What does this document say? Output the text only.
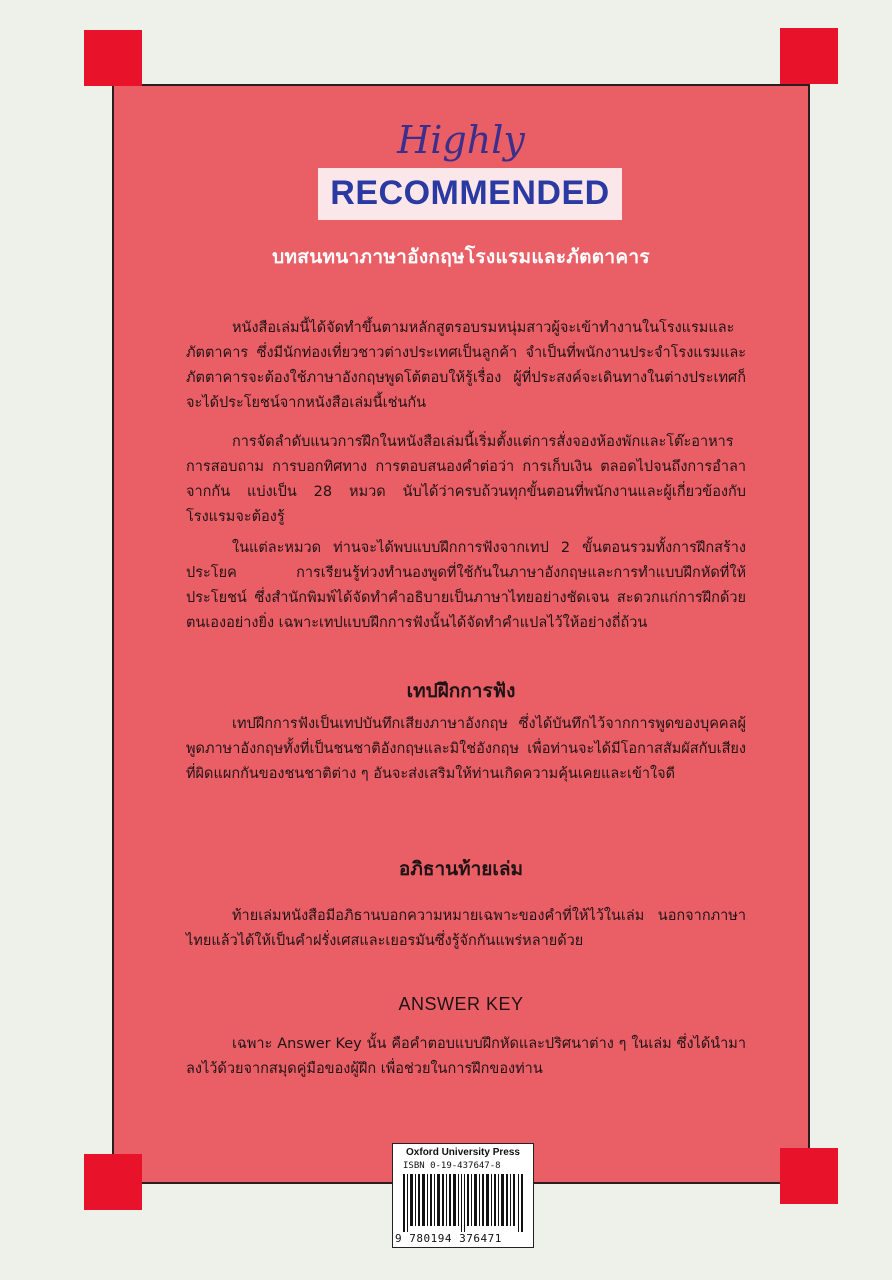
Highly
RECOMMENDED
บทสนทนาภาษาอังกฤษโรงแรมและภัตตาคาร
หนังสือเล่มนี้ได้จัดทำขึ้นตามหลักสูตรอบรมหนุ่มสาวผู้จะเข้าทำงานในโรงแรมและภัตตาคาร ซึ่งมีนักท่องเที่ยวชาวต่างประเทศเป็นลูกค้า จำเป็นที่พนักงานประจำโรงแรมและภัตตาคารจะต้องใช้ภาษาอังกฤษพูดโต้ตอบให้รู้เรื่อง ผู้ที่ประสงค์จะเดินทางในต่างประเทศก็จะได้ประโยชน์จากหนังสือเล่มนี้เช่นกัน
การจัดลำดับแนวการฝึกในหนังสือเล่มนี้เริ่มตั้งแต่การสั่งจองห้องพักและโต๊ะอาหาร การสอบถาม การบอกทิศทาง การตอบสนองคำต่อว่า การเก็บเงิน ตลอดไปจนถึงการอำลาจากกัน แบ่งเป็น 28 หมวด นับได้ว่าครบถ้วนทุกขั้นตอนที่พนักงานและผู้เกี่ยวข้องกับโรงแรมจะต้องรู้
ในแต่ละหมวด ท่านจะได้พบแบบฝึกการฟังจากเทป 2 ขั้นตอนรวมทั้งการฝึกสร้างประโยค การเรียนรู้ท่วงทำนองพูดที่ใช้กันในภาษาอังกฤษและการทำแบบฝึกหัดที่ให้ประโยชน์ ซึ่งสำนักพิมพ์ได้จัดทำคำอธิบายเป็นภาษาไทยอย่างชัดเจน สะดวกแก่การฝึกด้วยตนเองอย่างยิ่ง เฉพาะเทปแบบฝึกการฟังนั้นได้จัดทำคำแปลไว้ให้อย่างถี่ถ้วน
เทปฝึกการฟัง
เทปฝึกการฟังเป็นเทปบันทึกเสียงภาษาอังกฤษ ซึ่งได้บันทึกไว้จากการพูดของบุคคลผู้พูดภาษาอังกฤษทั้งที่เป็นชนชาติอังกฤษและมิใช่อังกฤษ เพื่อท่านจะได้มีโอกาสสัมผัสกับเสียงที่ผิดแผกกันของชนชาติต่าง ๆ อันจะส่งเสริมให้ท่านเกิดความคุ้นเคยและเข้าใจดี
อภิธานท้ายเล่ม
ท้ายเล่มหนังสือมีอภิธานบอกความหมายเฉพาะของคำที่ให้ไว้ในเล่ม นอกจากภาษาไทยแล้วได้ให้เป็นคำฝรั่งเศสและเยอรมันซึ่งรู้จักกันแพร่หลายด้วย
ANSWER KEY
เฉพาะ Answer Key นั้น คือคำตอบแบบฝึกหัดและปริศนาต่าง ๆ ในเล่ม ซึ่งได้นำมาลงไว้ด้วยจากสมุดคู่มือของผู้ฝึก เพื่อช่วยในการฝึกของท่าน
Oxford University Press
ISBN 0-19-437647-8
9 780194 376471
